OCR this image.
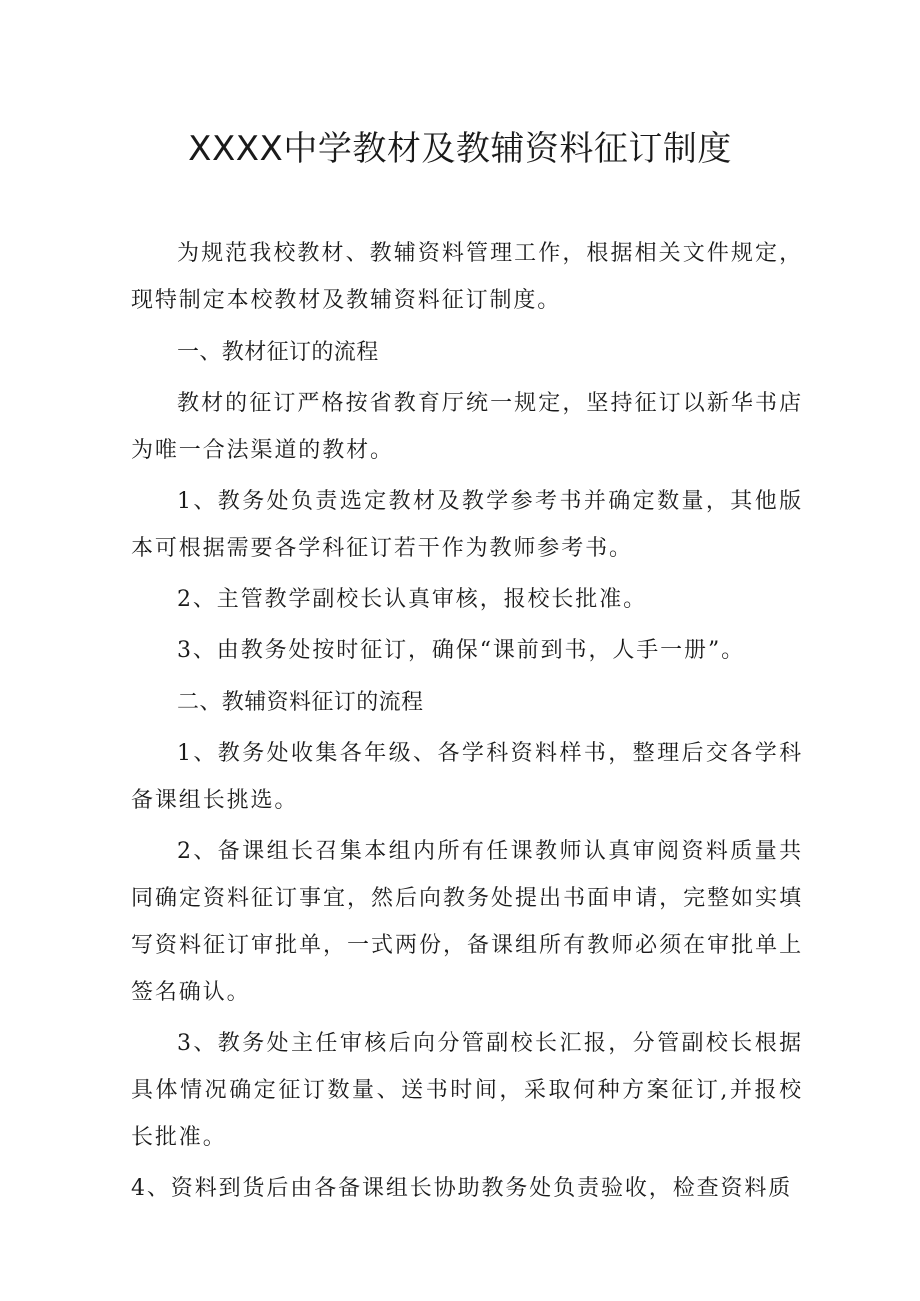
XXXX中学教材及教辅资料征订制度

为规范我校教材、教辅资料管理工作，根据相关文件规定，现特制定本校教材及教辅资料征订制度。

一、教材征订的流程

教材的征订严格按省教育厅统一规定，坚持征订以新华书店为唯一合法渠道的教材。

1、教务处负责选定教材及教学参考书并确定数量，其他版本可根据需要各学科征订若干作为教师参考书。

2、主管教学副校长认真审核，报校长批准。

3、由教务处按时征订，确保“课前到书，人手一册”。

二、教辅资料征订的流程

1、教务处收集各年级、各学科资料样书，整理后交各学科备课组长挑选。

2、备课组长召集本组内所有任课教师认真审阅资料质量共同确定资料征订事宜，然后向教务处提出书面申请，完整如实填写资料征订审批单，一式两份，备课组所有教师必须在审批单上签名确认。

3、教务处主任审核后向分管副校长汇报，分管副校长根据具体情况确定征订数量、送书时间，采取何种方案征订,并报校长批准。

4、资料到货后由各备课组长协助教务处负责验收，检查资料质
